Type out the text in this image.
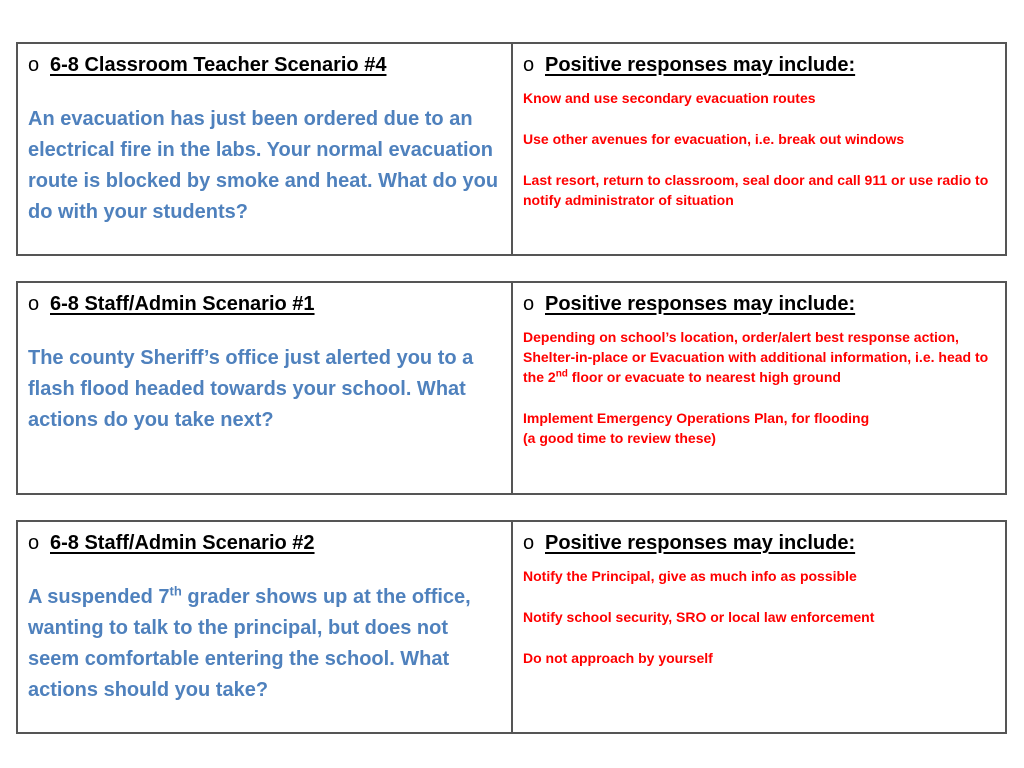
o 6-8 Classroom Teacher Scenario #4
An evacuation has just been ordered due to an electrical fire in the labs. Your normal evacuation route is blocked by smoke and heat. What do you do with your students?
o Positive responses may include:
Know and use secondary evacuation routes
Use other avenues for evacuation, i.e. break out windows
Last resort, return to classroom, seal door and call 911 or use radio to notify administrator of situation
o 6-8 Staff/Admin Scenario #1
The county Sheriff’s office just alerted you to a flash flood headed towards your school. What actions do you take next?
o Positive responses may include:
Depending on school’s location, order/alert best response action, Shelter-in-place or Evacuation with additional information, i.e. head to the 2nd floor or evacuate to nearest high ground
Implement Emergency Operations Plan, for flooding
(a good time to review these)
o 6-8 Staff/Admin Scenario #2
A suspended 7th grader shows up at the office, wanting to talk to the principal, but does not seem comfortable entering the school. What actions should you take?
o Positive responses may include:
Notify the Principal, give as much info as possible
Notify school security, SRO or local law enforcement
Do not approach by yourself
